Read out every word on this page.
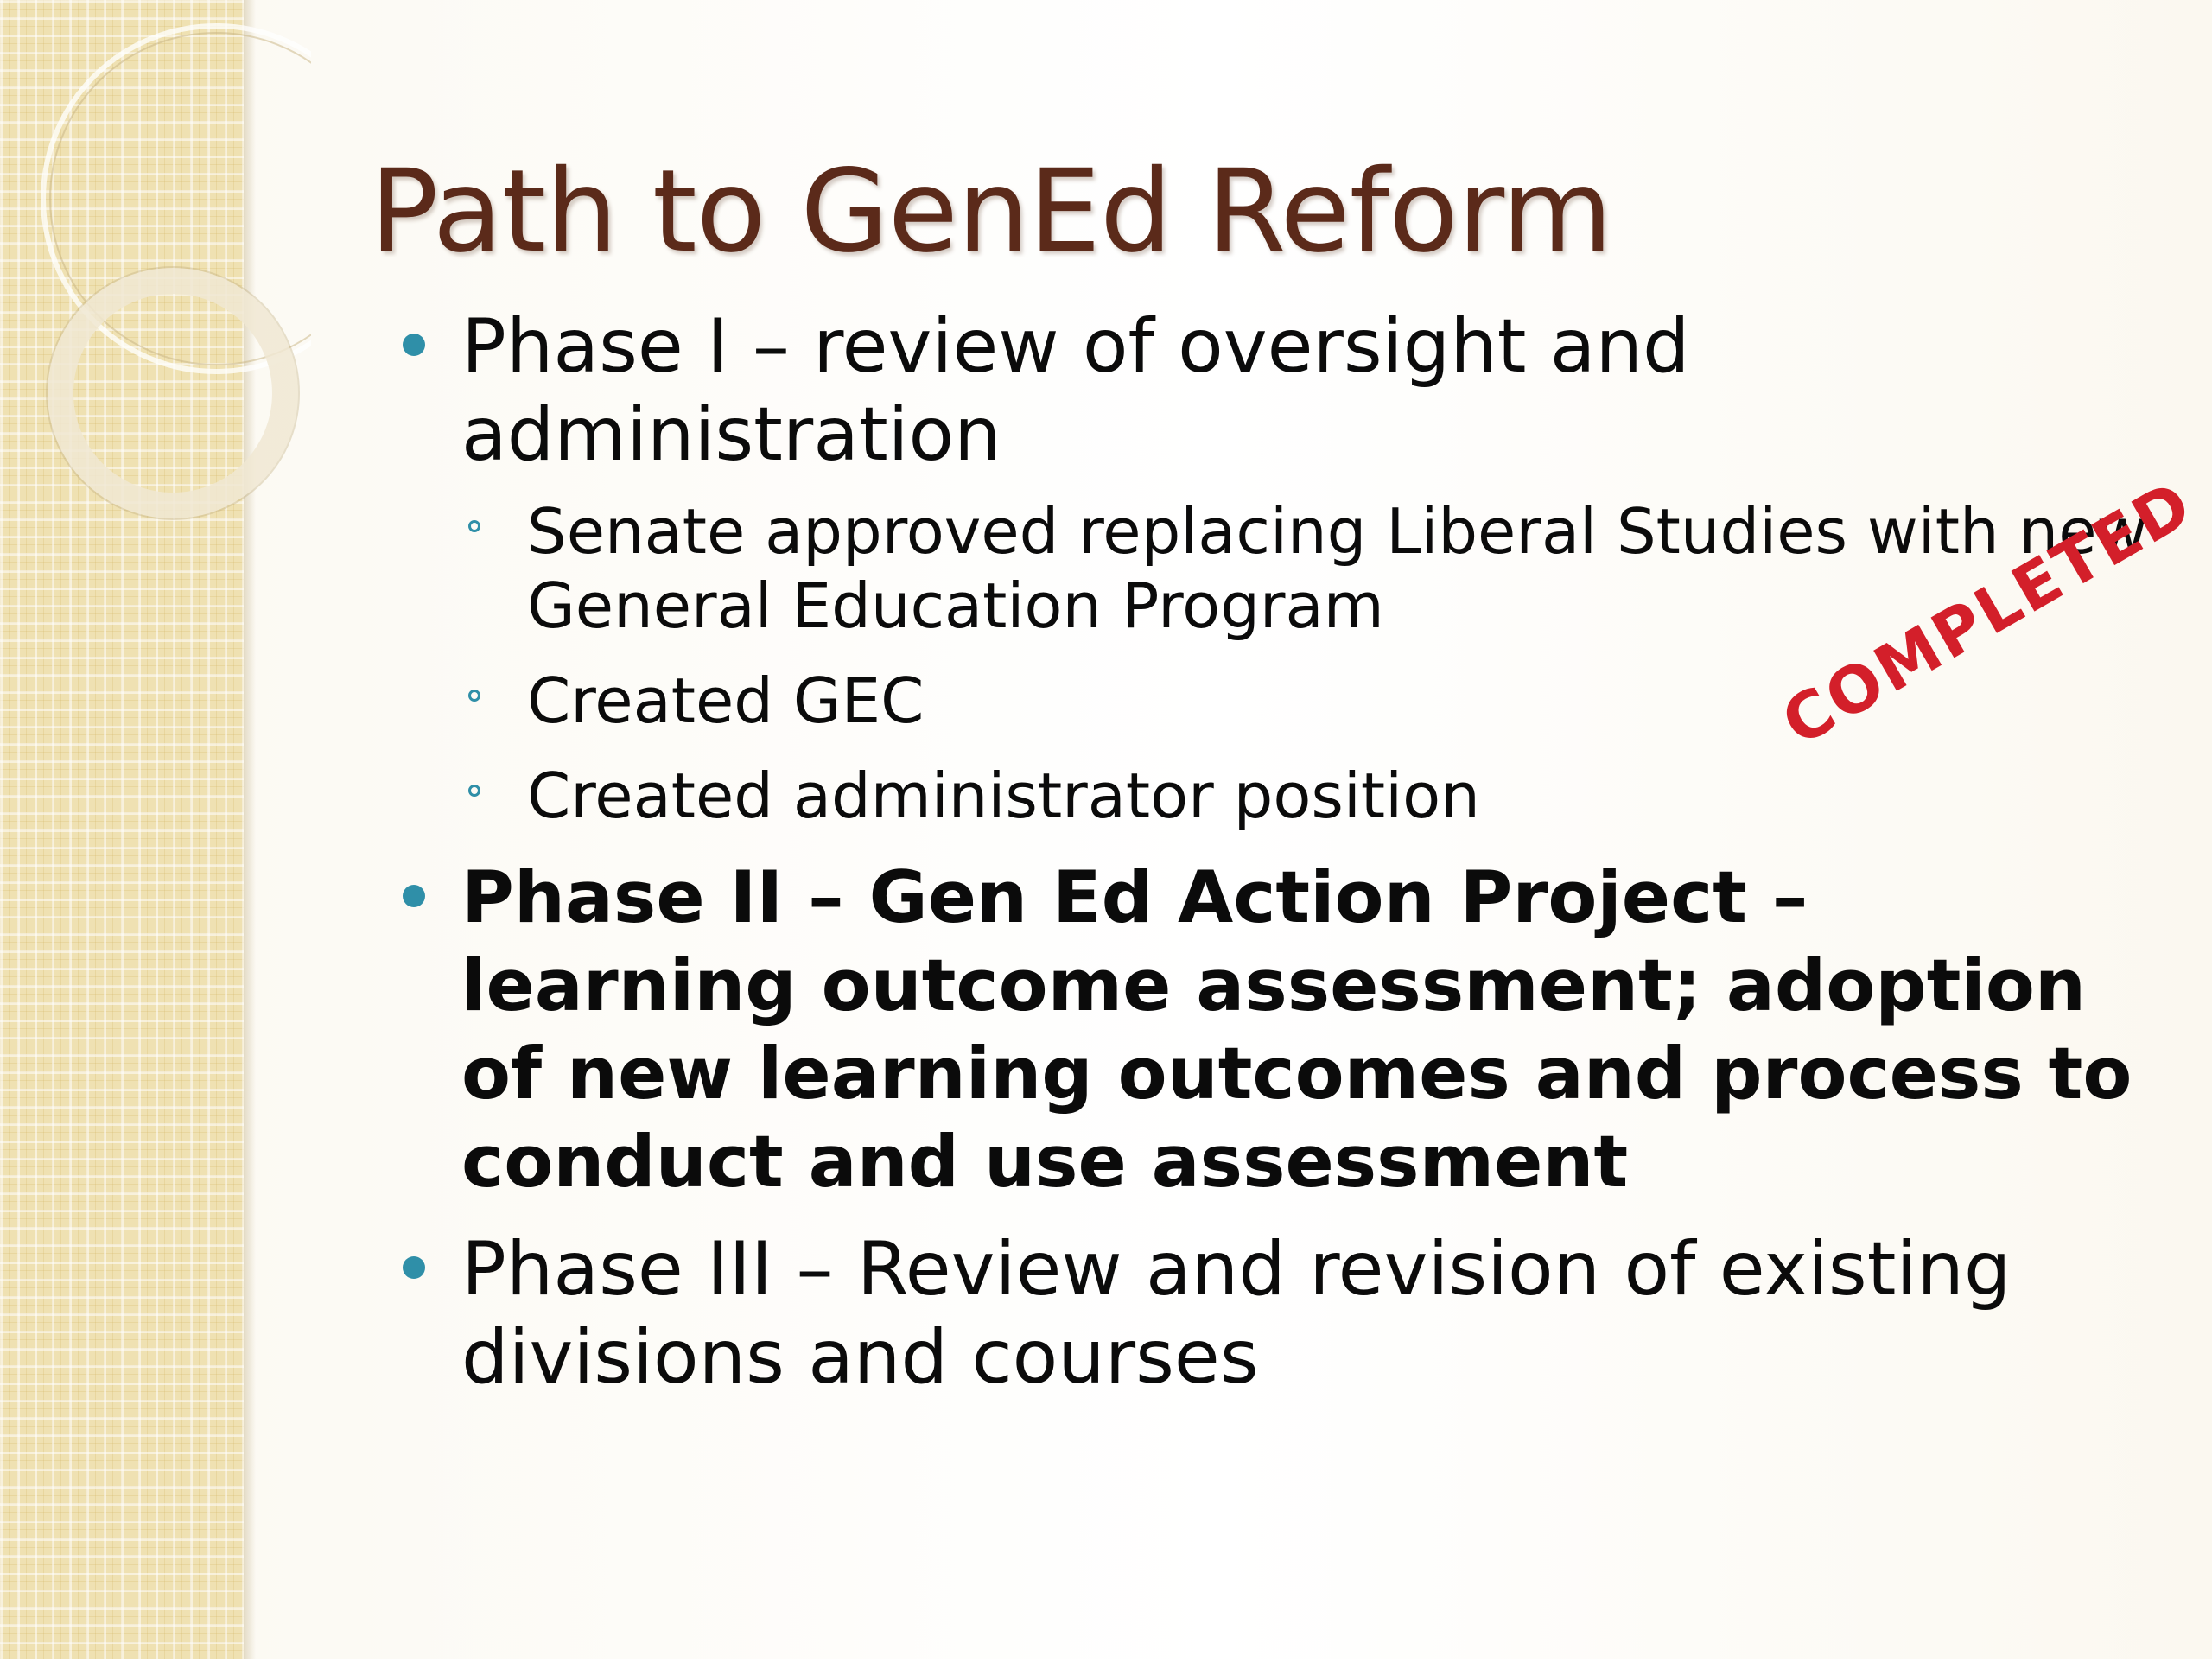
Path to GenEd Reform
Phase I – review of oversight and administration
Senate approved replacing Liberal Studies with new General Education Program
Created GEC
Created administrator position
Phase II – Gen Ed Action Project – learning outcome assessment; adoption of new learning outcomes and process to conduct and use assessment
Phase III – Review and revision of existing divisions and courses
COMPLETED
